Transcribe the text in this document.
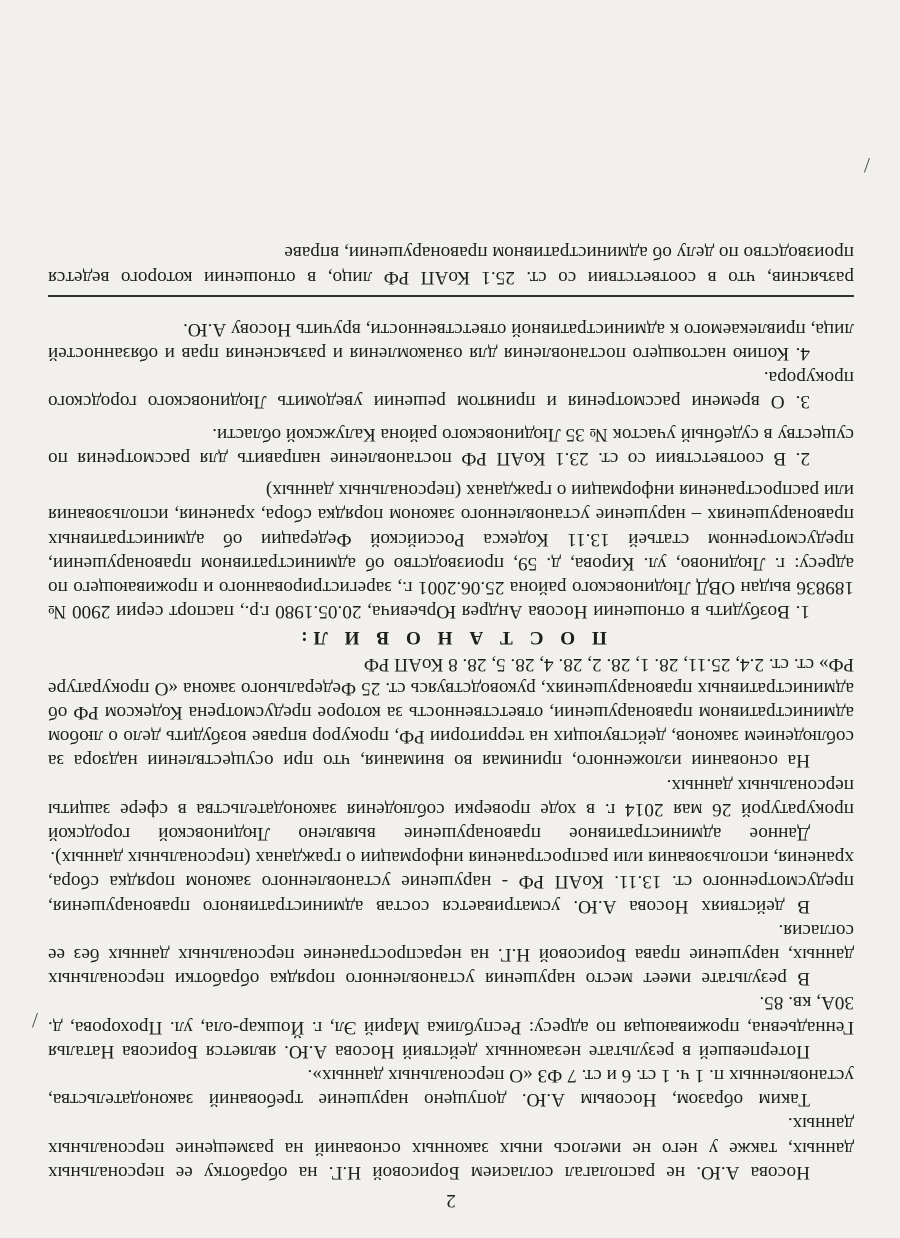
2

Носова А.Ю. не располагал согласием Борисовой Н.Г. на обработку ее персональных данных, также у него не имелось иных законных оснований на размещение персональных данных.

Таким образом, Носовым А.Ю. допущено нарушение требований законодательства, установленных п. 1 ч. 1 ст. 6 и ст. 7 ФЗ «О персональных данных».

Потерпевшей в результате незаконных действий Носова А.Ю. является Борисова Наталья Геннадьевна, проживающая по адресу: Республика Марий Эл, г. Йошкар-ола, ул. Прохорова, д. 30А, кв. 85.

В результате имеет место нарушения установленного порядка обработки персональных данных, нарушение права Борисовой Н.Г. на нераспространение персональных данных без ее согласия.

В действиях Носова А.Ю. усматривается состав административного правонарушения, предусмотренного ст. 13.11. КоАП РФ - нарушение установленного законом порядка сбора, хранения, использования или распространения информации о гражданах (персональных данных).

Данное административное правонарушение выявлено Людиновской городской прокуратурой 26 мая 2014 г. в ходе проверки соблюдения законодательства в сфере защиты персональных данных.

На основании изложенного, принимая во внимания, что при осуществлении надзора за соблюдением законов, действующих на территории РФ, прокурор вправе возбудить дело о любом административном правонарушении, ответственность за которое предусмотрена Кодексом РФ об административных правонарушениях, руководствуясь ст. 25 Федерального закона «О прокуратуре РФ» ст. ст. 2.4, 25.11, 28. 1, 28. 2, 28. 4, 28. 5, 28. 8 КоАП РФ

П О С Т А Н О В И Л:

1. Возбудить в отношении Носова Андрея Юрьевича, 20.05.1980 г.р., паспорт серии 2900 № 189836 выдан ОВД Людиновского района 25.06.2001 г., зарегистрированного и проживающего по адресу: г. Людиново, ул. Кирова, д. 59, производство об административном правонарушении, предусмотренном статьей 13.11 Кодекса Российской Федерации об административных правонарушениях – нарушение установленного законом порядка сбора, хранения, использования или распространения информации о гражданах (персональных данных)

2. В соответствии со ст. 23.1 КоАП РФ постановление направить для рассмотрения по существу в судебный участок № 35 Людиновского района Калужской области.

3. О времени рассмотрения и принятом решении уведомить Людиновского городского прокурора.

4. Копию настоящего постановления для ознакомления и разъяснения прав и обязанностей лица, привлекаемого к административной ответственности, вручить Носову А.Ю.

разъяснив, что в соответствии со ст. 25.1 КоАП РФ лицо, в отношении которого ведется производство по делу об административном правонарушении, вправе

/
/
